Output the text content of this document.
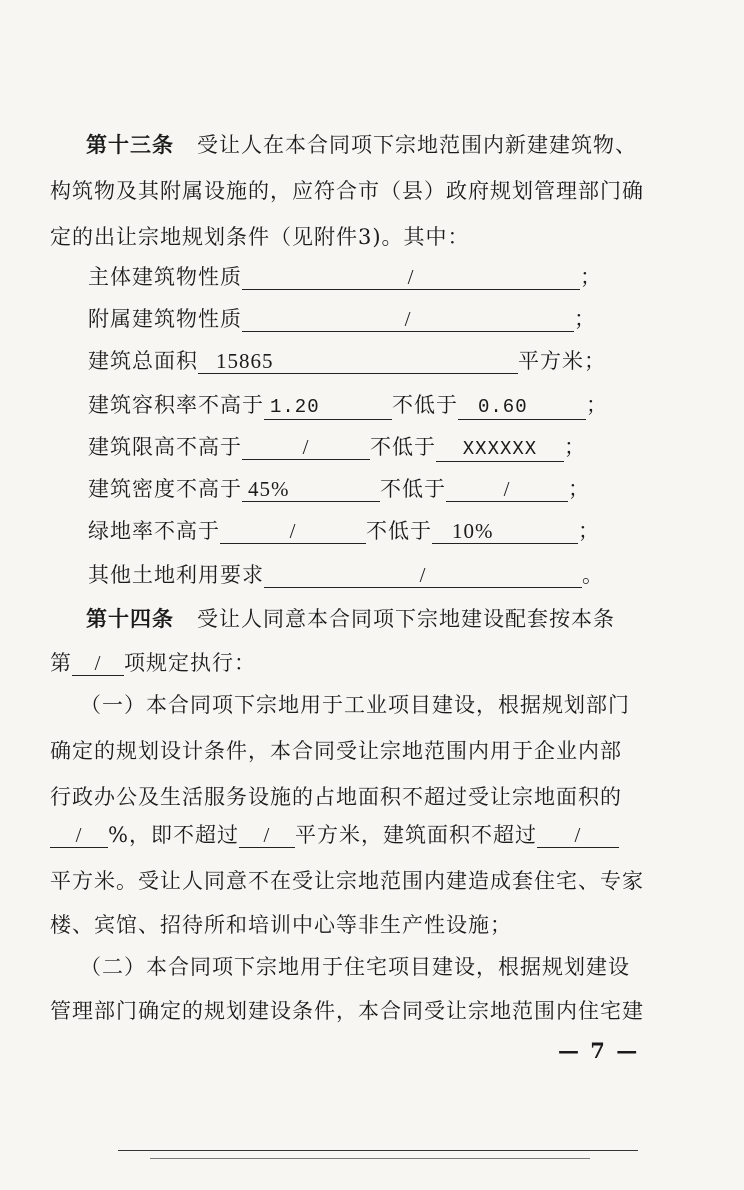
第十三条 受让人在本合同项下宗地范围内新建建筑物、
构筑物及其附属设施的，应符合市（县）政府规划管理部门确
定的出让宗地规划条件（见附件3)。其中：
主体建筑物性质	/	；
附属建筑物性质	/	；
建筑总面积 15865	平方米；
建筑容积率不高于 1.20	不低于 0.60	；
建筑限高不高于	/	不低于 XXXXXX ；
建筑密度不高于 45%	不低于	/	；
绿地率不高于	/	不低于 10%	；
其他土地利用要求	/	。
第十四条 受让人同意本合同项下宗地建设配套按本条
第 / 项规定执行：
（一）本合同项下宗地用于工业项目建设，根据规划部门
确定的规划设计条件，本合同受让宗地范围内用于企业内部
行政办公及生活服务设施的占地面积不超过受让宗地面积的
/ %，即不超过 / 平方米，建筑面积不超过 /
平方米。受让人同意不在受让宗地范围内建造成套住宅、专家
楼、宾馆、招待所和培训中心等非生产性设施；
（二）本合同项下宗地用于住宅项目建设，根据规划建设
管理部门确定的规划建设条件，本合同受让宗地范围内住宅建
— 7 —
